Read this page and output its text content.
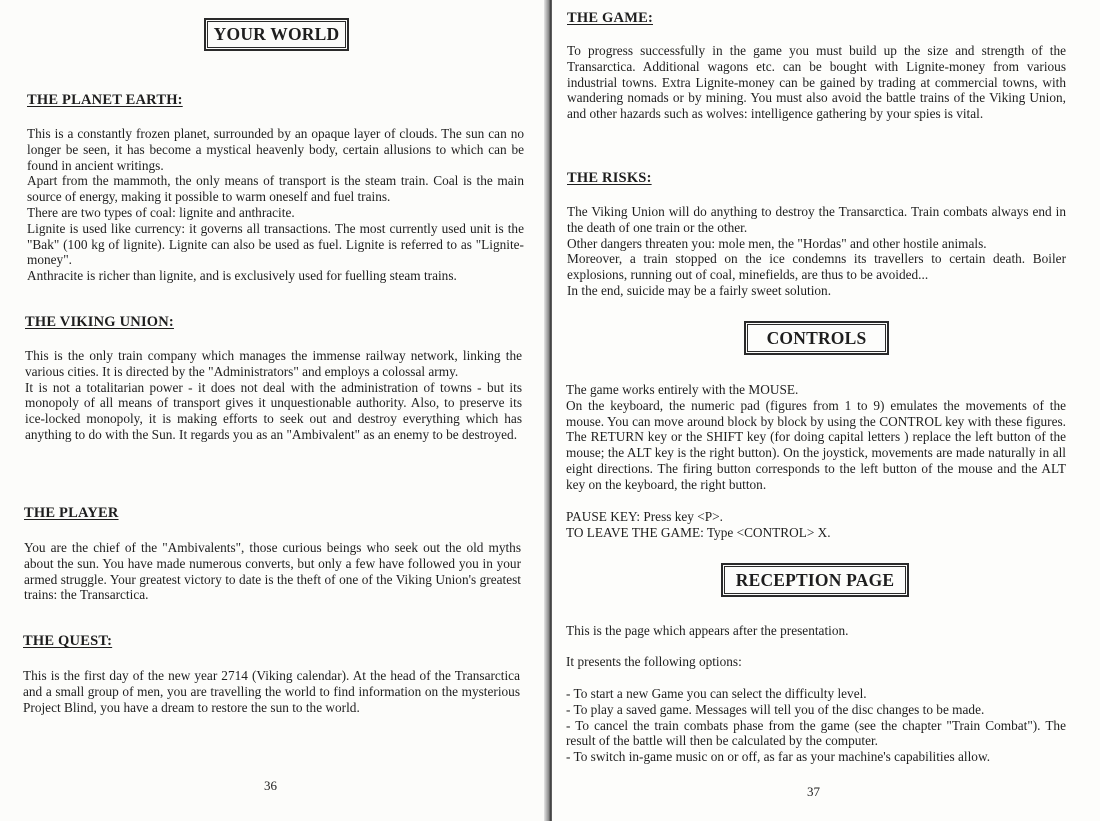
YOUR WORLD
THE PLANET EARTH:
This is a constantly frozen planet, surrounded by an opaque layer of clouds. The sun can no longer be seen, it has become a mystical heavenly body, certain allusions to which can be found in ancient writings.
Apart from the mammoth, the only means of transport is the steam train. Coal is the main source of energy, making it possible to warm oneself and fuel trains.
There are two types of coal: lignite and anthracite.
Lignite is used like currency: it governs all transactions. The most currently used unit is the "Bak" (100 kg of lignite). Lignite can also be used as fuel. Lignite is referred to as "Lignite-money".
Anthracite is richer than lignite, and is exclusively used for fuelling steam trains.
THE VIKING UNION:
This is the only train company which manages the immense railway network, linking the various cities. It is directed by the "Administrators" and employs a colossal army.
It is not a totalitarian power - it does not deal with the administration of towns - but its monopoly of all means of transport gives it unquestionable authority. Also, to preserve its ice-locked monopoly, it is making efforts to seek out and destroy everything which has anything to do with the Sun. It regards you as an "Ambivalent" as an enemy to be destroyed.
THE PLAYER
You are the chief of the "Ambivalents", those curious beings who seek out the old myths about the sun. You have made numerous converts, but only a few have followed you in your armed struggle. Your greatest victory to date is the theft of one of the Viking Union's greatest trains: the Transarctica.
THE QUEST:
This is the first day of the new year 2714 (Viking calendar). At the head of the Transarctica and a small group of men, you are travelling the world to find information on the mysterious Project Blind, you have a dream to restore the sun to the world.
36
THE GAME:
To progress successfully in the game you must build up the size and strength of the Transarctica. Additional wagons etc. can be bought with Lignite-money from various industrial towns. Extra Lignite-money can be gained by trading at commercial towns, with wandering nomads or by mining. You must also avoid the battle trains of the Viking Union, and other hazards such as wolves: intelligence gathering by your spies is vital.
THE RISKS:
The Viking Union will do anything to destroy the Transarctica. Train combats always end in the death of one train or the other.
Other dangers threaten you: mole men, the "Hordas" and other hostile animals.
Moreover, a train stopped on the ice condemns its travellers to certain death. Boiler explosions, running out of coal, minefields, are thus to be avoided...
In the end, suicide may be a fairly sweet solution.
CONTROLS
The game works entirely with the MOUSE.
On the keyboard, the numeric pad (figures from 1 to 9) emulates the movements of the mouse. You can move around block by block by using the CONTROL key with these figures. The RETURN key or the SHIFT key (for doing capital letters ) replace the left button of the mouse; the ALT key is the right button). On the joystick, movements are made naturally in all eight directions. The firing button corresponds to the left button of the mouse and the ALT key on the keyboard, the right button.
PAUSE KEY: Press key <P>.
TO LEAVE THE GAME: Type <CONTROL> X.
RECEPTION PAGE
This is the page which appears after the presentation.
It presents the following options:
- To start a new Game you can select the difficulty level.
- To play a saved game. Messages will tell you of the disc changes to be made.
- To cancel the train combats phase from the game (see the chapter "Train Combat"). The result of the battle will then be calculated by the computer.
- To switch in-game music on or off, as far as your machine's capabilities allow.
37
